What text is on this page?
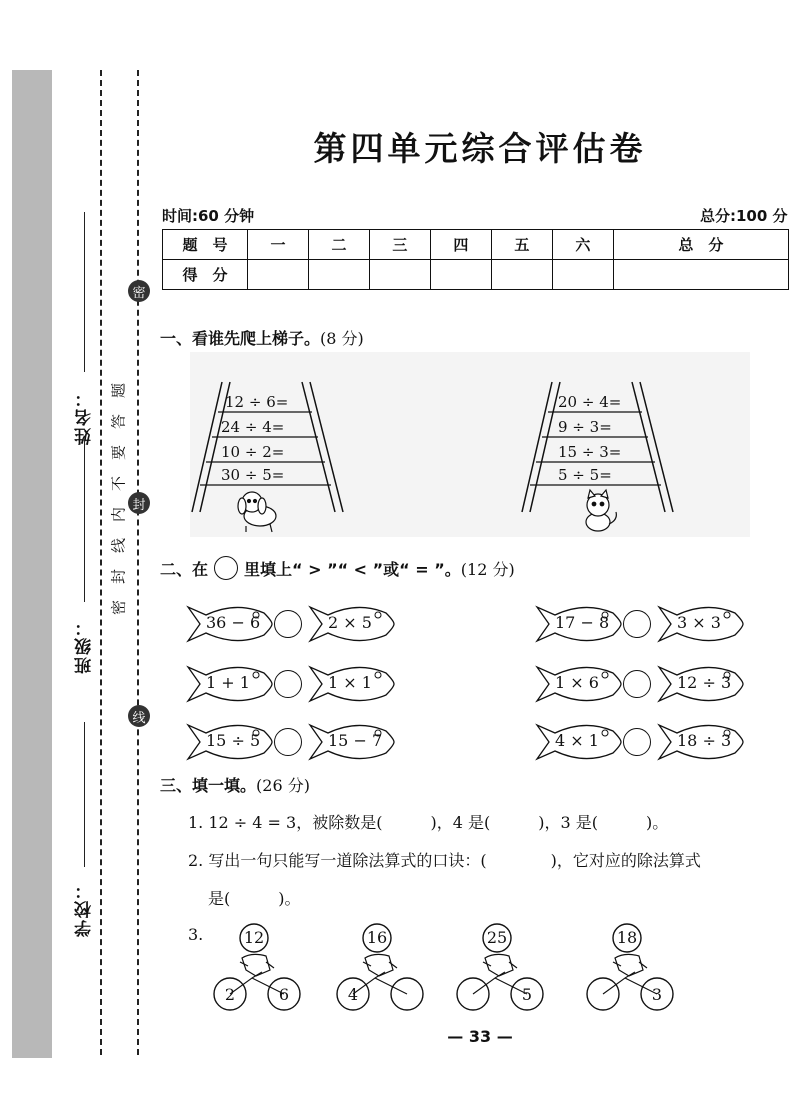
姓名：
班级：
学校：
密
封
线
题
答
要
不
内
线
封
密
第四单元综合评估卷
时间:60 分钟	总分:100 分
题　号	一	二	三	四	五	六	总　分
得　分							
一、看谁先爬上梯子。(8 分)
12 ÷ 6=
24 ÷ 4=
10 ÷ 2=
30 ÷ 5=
20 ÷ 4=
9 ÷ 3=
15 ÷ 3=
5 ÷ 5=
二、在 里填上“ > ”“ < ”或“ = ”。 (12 分)
36 − 6	2 × 5	17 − 8	3 × 3
1 + 1	1 × 1	1 × 6	12 ÷ 3
15 ÷ 5	15 − 7	4 × 1	18 ÷ 3
三、填一填。(26 分)
1. 12 ÷ 4 = 3，被除数是(　　　)，4 是(　　　)，3 是(　　　)。
2. 写出一句只能写一道除法算式的口诀：(　　　　)，它对应的除法算式
是(　　　)。
3.	12
2	6
16
4
25
5
18
3
— 33 —
